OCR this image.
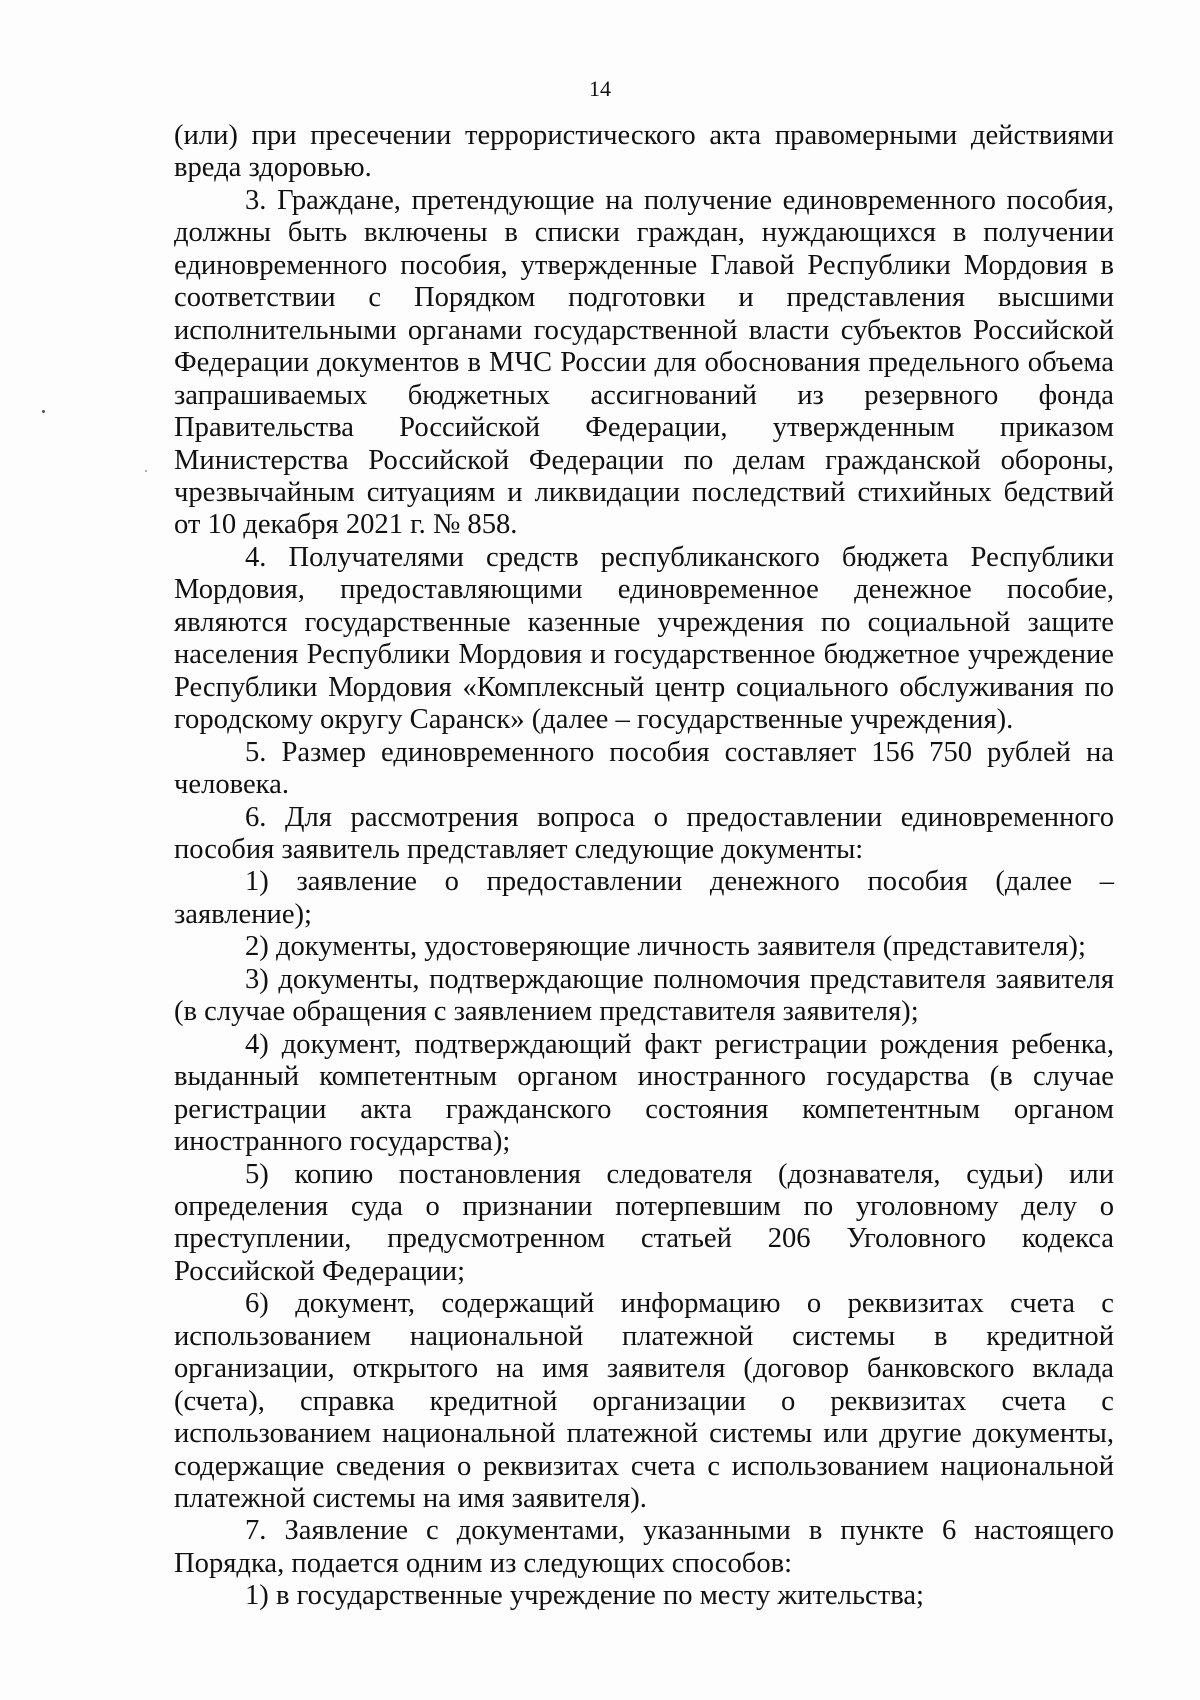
14

(или) при пресечении террористического акта правомерными действиями вреда здоровью.

3. Граждане, претендующие на получение единовременного пособия, должны быть включены в списки граждан, нуждающихся в получении единовременного пособия, утвержденные Главой Республики Мордовия в соответствии с Порядком подготовки и представления высшими исполнительными органами государственной власти субъектов Российской Федерации документов в МЧС России для обоснования предельного объема запрашиваемых бюджетных ассигнований из резервного фонда Правительства Российской Федерации, утвержденным приказом Министерства Российской Федерации по делам гражданской обороны, чрезвычайным ситуациям и ликвидации последствий стихийных бедствий от 10 декабря 2021 г. № 858.

4. Получателями средств республиканского бюджета Республики Мордовия, предоставляющими единовременное денежное пособие, являются государственные казенные учреждения по социальной защите населения Республики Мордовия и государственное бюджетное учреждение Республики Мордовия «Комплексный центр социального обслуживания по городскому округу Саранск» (далее – государственные учреждения).

5. Размер единовременного пособия составляет 156 750 рублей на человека.

6. Для рассмотрения вопроса о предоставлении единовременного пособия заявитель представляет следующие документы:

1) заявление о предоставлении денежного пособия (далее – заявление);

2) документы, удостоверяющие личность заявителя (представителя);

3) документы, подтверждающие полномочия представителя заявителя (в случае обращения с заявлением представителя заявителя);

4) документ, подтверждающий факт регистрации рождения ребенка, выданный компетентным органом иностранного государства (в случае регистрации акта гражданского состояния компетентным органом иностранного государства);

5) копию постановления следователя (дознавателя, судьи) или определения суда о признании потерпевшим по уголовному делу о преступлении, предусмотренном статьей 206 Уголовного кодекса Российской Федерации;

6) документ, содержащий информацию о реквизитах счета с использованием национальной платежной системы в кредитной организации, открытого на имя заявителя (договор банковского вклада (счета), справка кредитной организации о реквизитах счета с использованием национальной платежной системы или другие документы, содержащие сведения о реквизитах счета с использованием национальной платежной системы на имя заявителя).

7. Заявление с документами, указанными в пункте 6 настоящего Порядка, подается одним из следующих способов:

1) в государственные учреждение по месту жительства;
